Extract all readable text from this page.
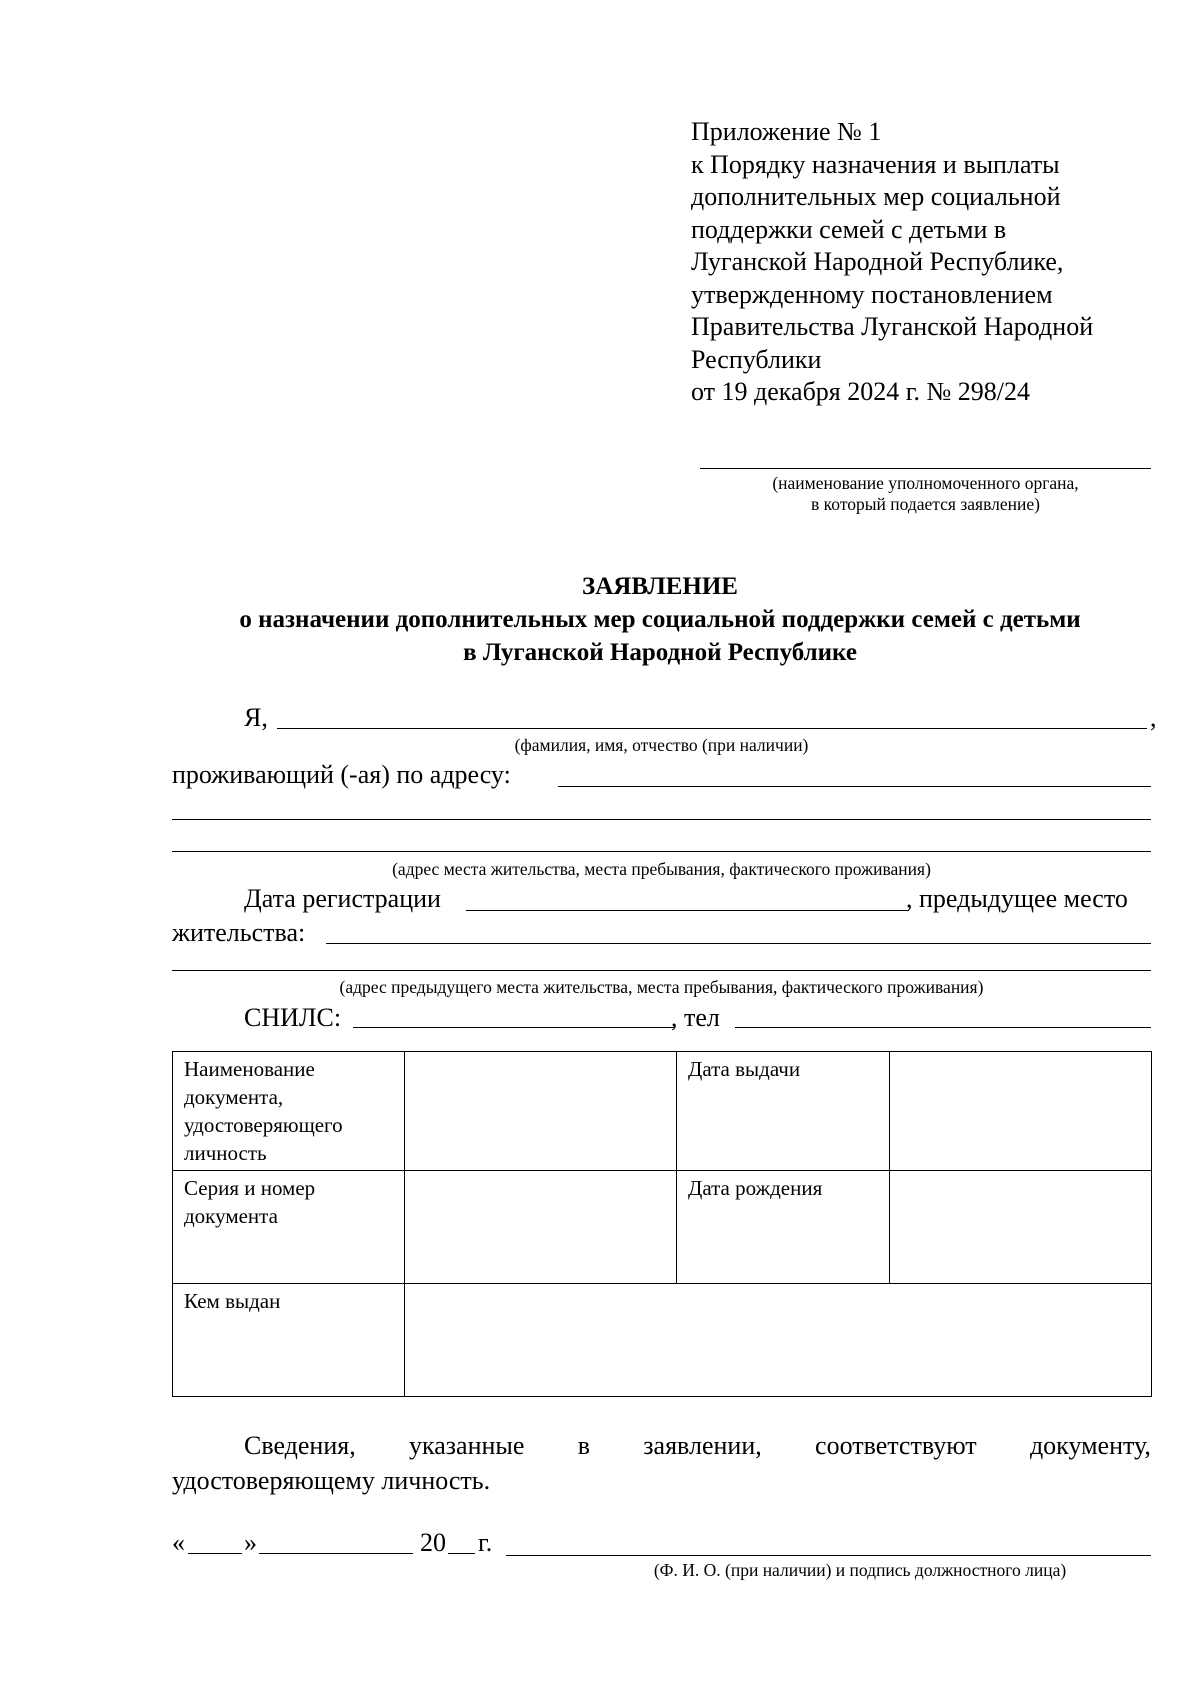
Приложение № 1
к Порядку назначения и выплаты
дополнительных мер социальной
поддержки семей с детьми в
Луганской Народной Республике,
утвержденному постановлением
Правительства Луганской Народной
Республики
от 19 декабря 2024 г. № 298/24
(наименование уполномоченного органа,
в который подается заявление)
ЗАЯВЛЕНИЕ
о назначении дополнительных мер социальной поддержки семей с детьми
в Луганской Народной Республике
Я,	,
(фамилия, имя, отчество (при наличии)
проживающий (-ая) по адресу:
(адрес места жительства, места пребывания, фактического проживания)
Дата регистрации	, предыдущее место
жительства:
(адрес предыдущего места жительства, места пребывания, фактического проживания)
СНИЛС:	, тел
Наименование документа, удостоверяющего личность		Дата выдачи	
Серия и номер документа		Дата рождения	
Кем выдан			
Сведения, указанные в заявлении, соответствуют документу,
удостоверяющему личность.
« »	20 г.
(Ф. И. О. (при наличии) и подпись должностного лица)
